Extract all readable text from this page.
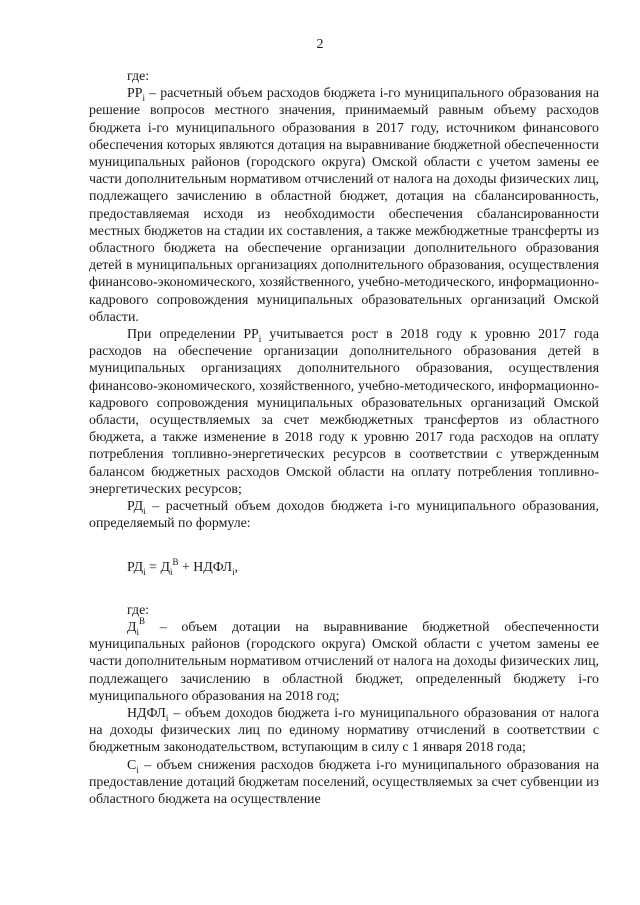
2

где:

$РР_i$ – расчетный объем расходов бюджета i-го муниципального образования на решение вопросов местного значения, принимаемый равным объему расходов бюджета i-го муниципального образования в 2017 году, источником финансового обеспечения которых являются дотация на выравнивание бюджетной обеспеченности муниципальных районов (городского округа) Омской области с учетом замены ее части дополнительным нормативом отчислений от налога на доходы физических лиц, подлежащего зачислению в областной бюджет, дотация на сбалансированность, предоставляемая исходя из необходимости обеспечения сбалансированности местных бюджетов на стадии их составления, а также межбюджетные трансферты из областного бюджета на обеспечение организации дополнительного образования детей в муниципальных организациях дополнительного образования, осуществления финансово-экономического, хозяйственного, учебно-методического, информационно-кадрового сопровождения муниципальных образовательных организаций Омской области.

При определении $РР_i$ учитывается рост в 2018 году к уровню 2017 года расходов на обеспечение организации дополнительного образования детей в муниципальных организациях дополнительного образования, осуществления финансово-экономического, хозяйственного, учебно-методического, информационно-кадрового сопровождения муниципальных образовательных организаций Омской области, осуществляемых за счет межбюджетных трансфертов из областного бюджета, а также изменение в 2018 году к уровню 2017 года расходов на оплату потребления топливно-энергетических ресурсов в соответствии с утвержденным балансом бюджетных расходов Омской области на оплату потребления топливно-энергетических ресурсов;

$РД_i$ – расчетный объем доходов бюджета i-го муниципального образования, определяемый по формуле:

$РД_i = Д_i^В$ + $НДФЛ_i$,

где:

$Д_i^В$ – объем дотации на выравнивание бюджетной обеспеченности муниципальных районов (городского округа) Омской области с учетом замены ее части дополнительным нормативом отчислений от налога на доходы физических лиц, подлежащего зачислению в областной бюджет, определенный бюджету i-го муниципального образования на 2018 год;

$НДФЛ_i$ – объем доходов бюджета i-го муниципального образования от налога на доходы физических лиц по единому нормативу отчислений в соответствии с бюджетным законодательством, вступающим в силу с 1 января 2018 года;

$С_i$ – объем снижения расходов бюджета i-го муниципального образования на предоставление дотаций бюджетам поселений, осуществляемых за счет субвенции из областного бюджета на осуществление
